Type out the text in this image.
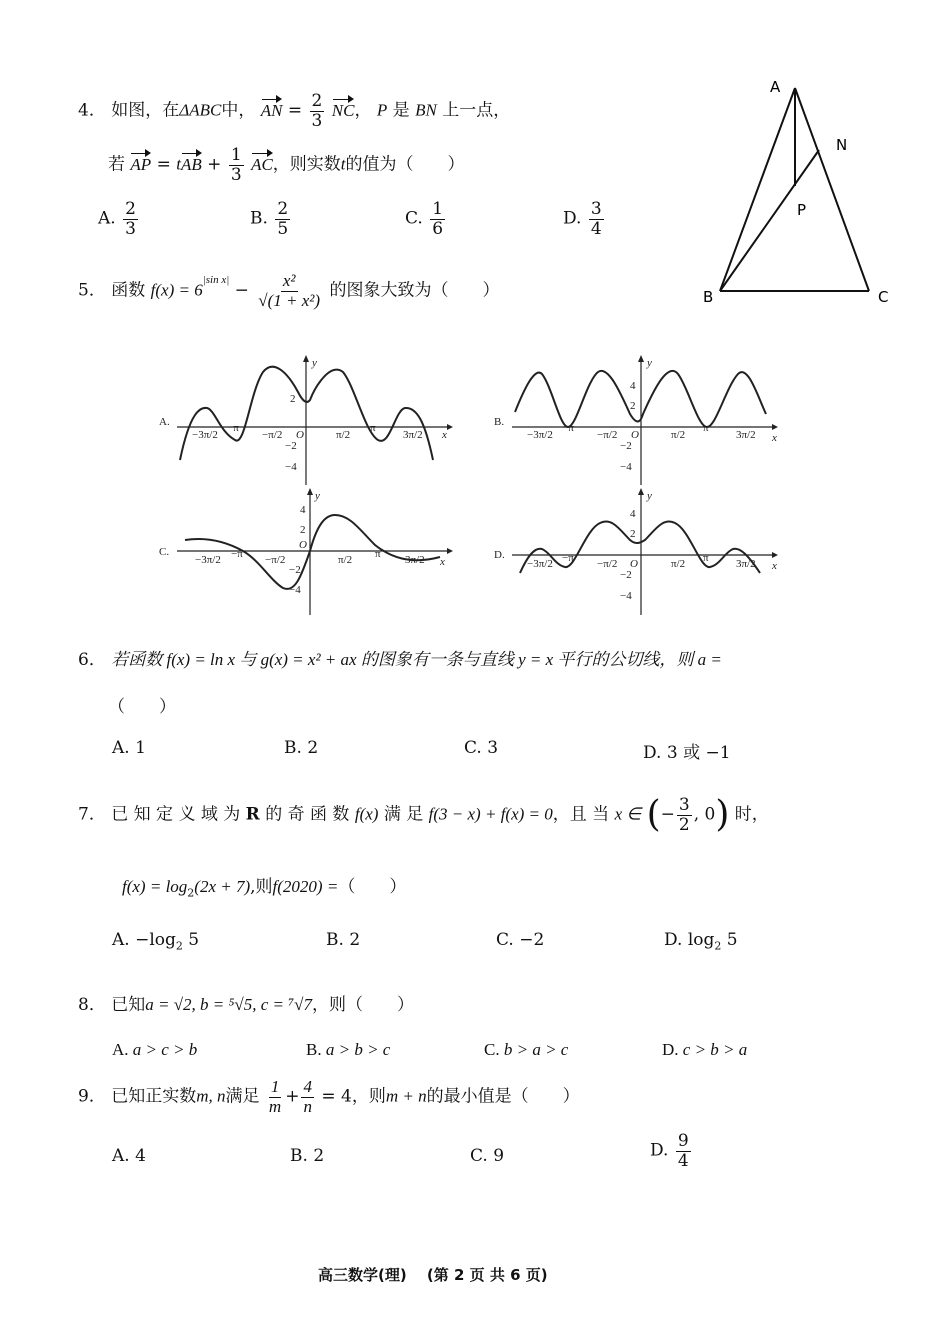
4． 如图，在ΔABC中， AN = $\frac{2}{3}$ NC， P 是 BN 上一点，
若 AP = tAB + $\frac{1}{3}$ AC，则实数t的值为（　　）
A. $\frac{2}{3}$	B. $\frac{2}{5}$	C. $\frac{1}{6}$	D. $\frac{3}{4}$
A
N
P
B	C
5． 函数 $f(x) = 6^{|sin x|} - \frac{\text{x²}}{\text{√(1 + x²)}}$ 的图象大致为（　　）
A.
y
x
O
2
−2
−4
−3π/2
−π
−π/2	π/2
π
3π/2
B.
y
x
O
4
2
−2
−4
−3π/2
−π
−π/2	π/2
π
3π/2
C.
y
x
O
4
2
−2
−4
−3π/2 −π −π/2	π/2 π 3π/2	D.
y
x
O
4
2
−2
−4
−3π/2 −π −π/2	π/2 π 3π/2
6． 若函数 f(x) = ln x 与 g(x) = x² + ax 的图象有一条与直线 y = x 平行的公切线，则 a =
（　　）
A. 1	B. 2	C. 3	D. 3 或 −1
7． 已 知 定 义 域 为 R 的 奇 函 数 f(x) 满 足 f(3 − x) + f(x) = 0，且 当 x ∈ (− $\frac{3}{2}$ , 0) 时，
$f(x) = \log_2(2x + 7)$,则f(2020) =（　　）
A. $-\log_2$ 5	B. 2	C. −2	D. $\log_2 5$
8． 已知a = √2, b = ⁵√5, c = ⁷√7，则（　　）
A. a > c > b	B. a > b > c	C. b > a > c	D. c > b > a
9． 已知正实数m, n满足 $\frac{1}{m} + \frac{4}{n} = 4$，则m + n的最小值是（　　）
A. 4	B. 2	C. 9	D. $\frac{9}{4}$
高三数学(理)　 (第 2 页 共 6 页)
